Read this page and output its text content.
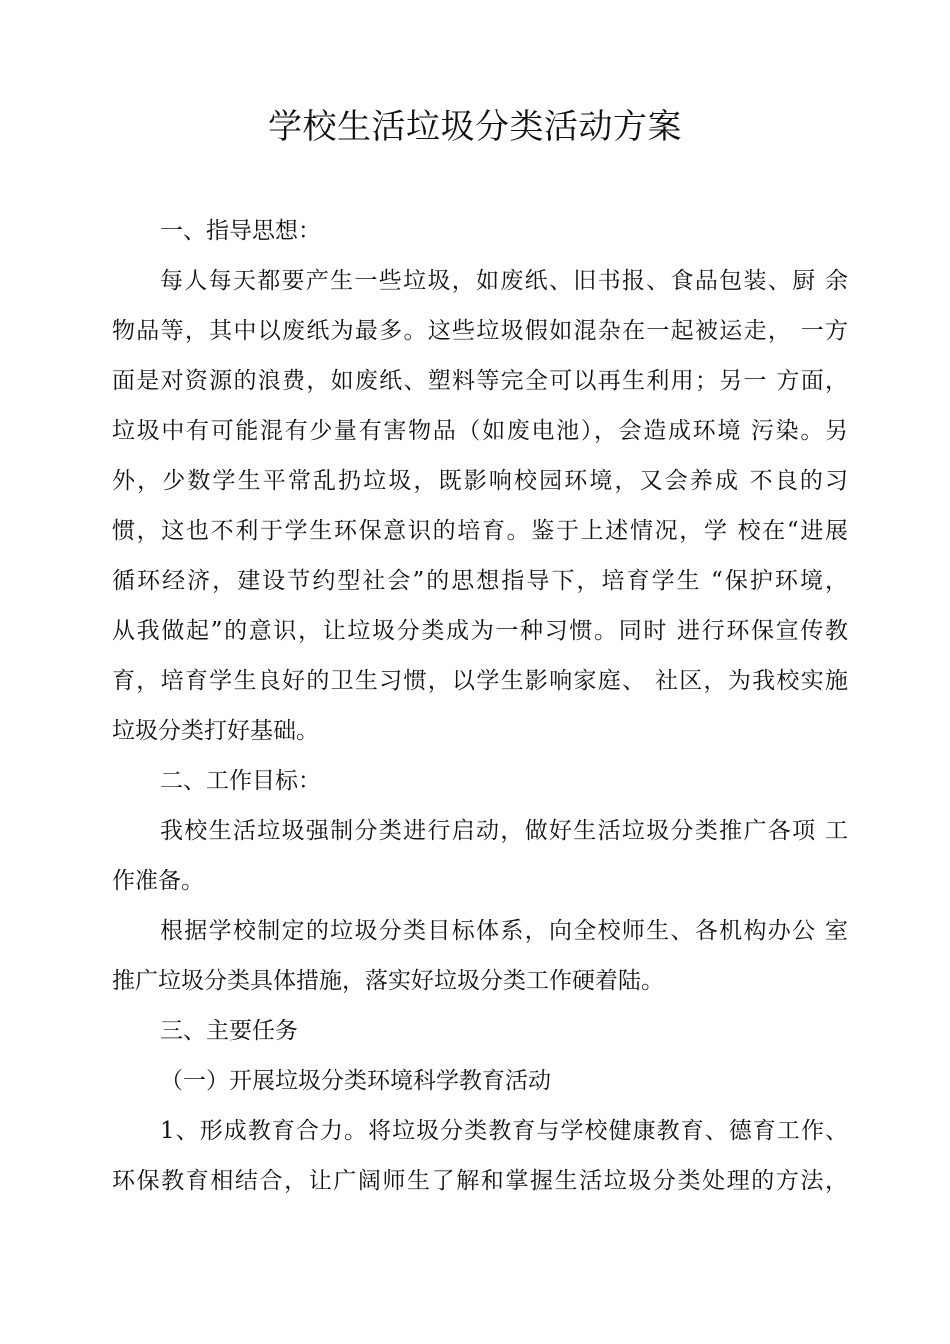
学校生活垃圾分类活动方案
一、指导思想：
每人每天都要产生一些垃圾，如废纸、旧书报、食品包装、厨 余
物品等，其中以废纸为最多。这些垃圾假如混杂在一起被运走， 一方
面是对资源的浪费，如废纸、塑料等完全可以再生利用；另一 方面，
垃圾中有可能混有少量有害物品（如废电池），会造成环境 污染。另
外，少数学生平常乱扔垃圾，既影响校园环境，又会养成 不良的习
惯，这也不利于学生环保意识的培育。鉴于上述情况，学 校在“进展
循环经济，建设节约型社会”的思想指导下，培育学生 “保护环境，
从我做起”的意识，让垃圾分类成为一种习惯。同时 进行环保宣传教
育，培育学生良好的卫生习惯，以学生影响家庭、 社区，为我校实施
垃圾分类打好基础。
二、工作目标：
我校生活垃圾强制分类进行启动，做好生活垃圾分类推广各项 工
作准备。
根据学校制定的垃圾分类目标体系，向全校师生、各机构办公 室
推广垃圾分类具体措施，落实好垃圾分类工作硬着陆。
三、主要任务
（一）开展垃圾分类环境科学教育活动
1、形成教育合力。将垃圾分类教育与学校健康教育、德育工作、
环保教育相结合，让广阔师生了解和掌握生活垃圾分类处理的方法，
